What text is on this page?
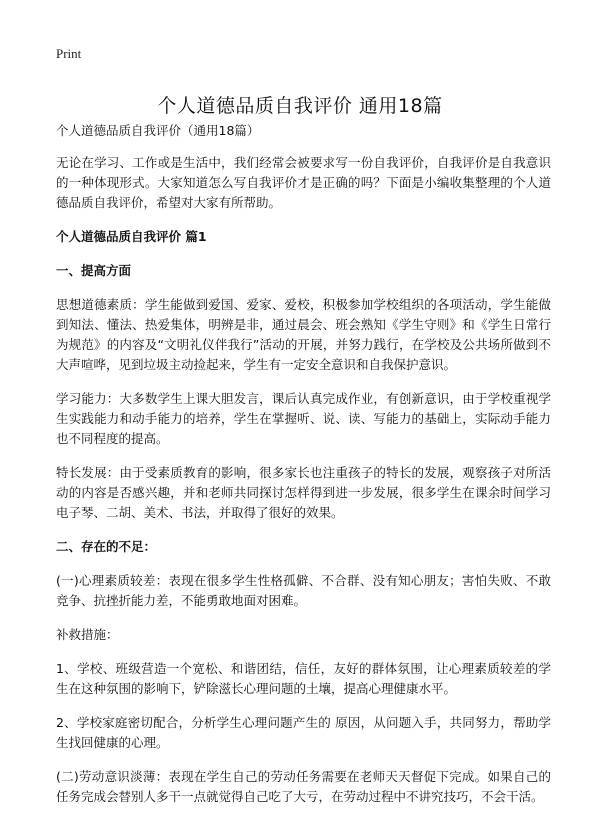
Print
个人道德品质自我评价 通用18篇

个人道德品质自我评价（通用18篇）

无论在学习、工作或是生活中，我们经常会被要求写一份自我评价，自我评价是自我意识的一种体现形式。大家知道怎么写自我评价才是正确的吗？下面是小编收集整理的个人道德品质自我评价，希望对大家有所帮助。

个人道德品质自我评价 篇1

一、提高方面

思想道德素质：学生能做到爱国、爱家、爱校，积极参加学校组织的各项活动，学生能做到知法、懂法、热爱集体，明辨是非，通过晨会、班会熟知《学生守则》和《学生日常行为规范》的内容及“文明礼仪伴我行”活动的开展，并努力践行，在学校及公共场所做到不大声喧哗，见到垃圾主动捡起来，学生有一定安全意识和自我保护意识。

学习能力：大多数学生上课大胆发言，课后认真完成作业，有创新意识，由于学校重视学生实践能力和动手能力的培养，学生在掌握听、说、读、写能力的基础上，实际动手能力也不同程度的提高。

特长发展：由于受素质教育的影响，很多家长也注重孩子的特长的发展，观察孩子对所活动的内容是否感兴趣，并和老师共同探讨怎样得到进一步发展，很多学生在课余时间学习电子琴、二胡、美术、书法，并取得了很好的效果。

二、存在的不足：

(一)心理素质较差：表现在很多学生性格孤僻、不合群、没有知心朋友；害怕失败、不敢竞争、抗挫折能力差，不能勇敢地面对困难。

补救措施：

1、学校、班级营造一个宽松、和谐团结，信任，友好的群体氛围，让心理素质较差的学生在这种氛围的影响下，铲除滋长心理问题的土壤，提高心理健康水平。

2、学校家庭密切配合，分析学生心理问题产生的 原因，从问题入手，共同努力，帮助学生找回健康的心理。

(二)劳动意识淡薄：表现在学生自己的劳动任务需要在老师天天督促下完成。如果自己的任务完成会替别人多干一点就觉得自己吃了大亏，在劳动过程中不讲究技巧，不会干活。
